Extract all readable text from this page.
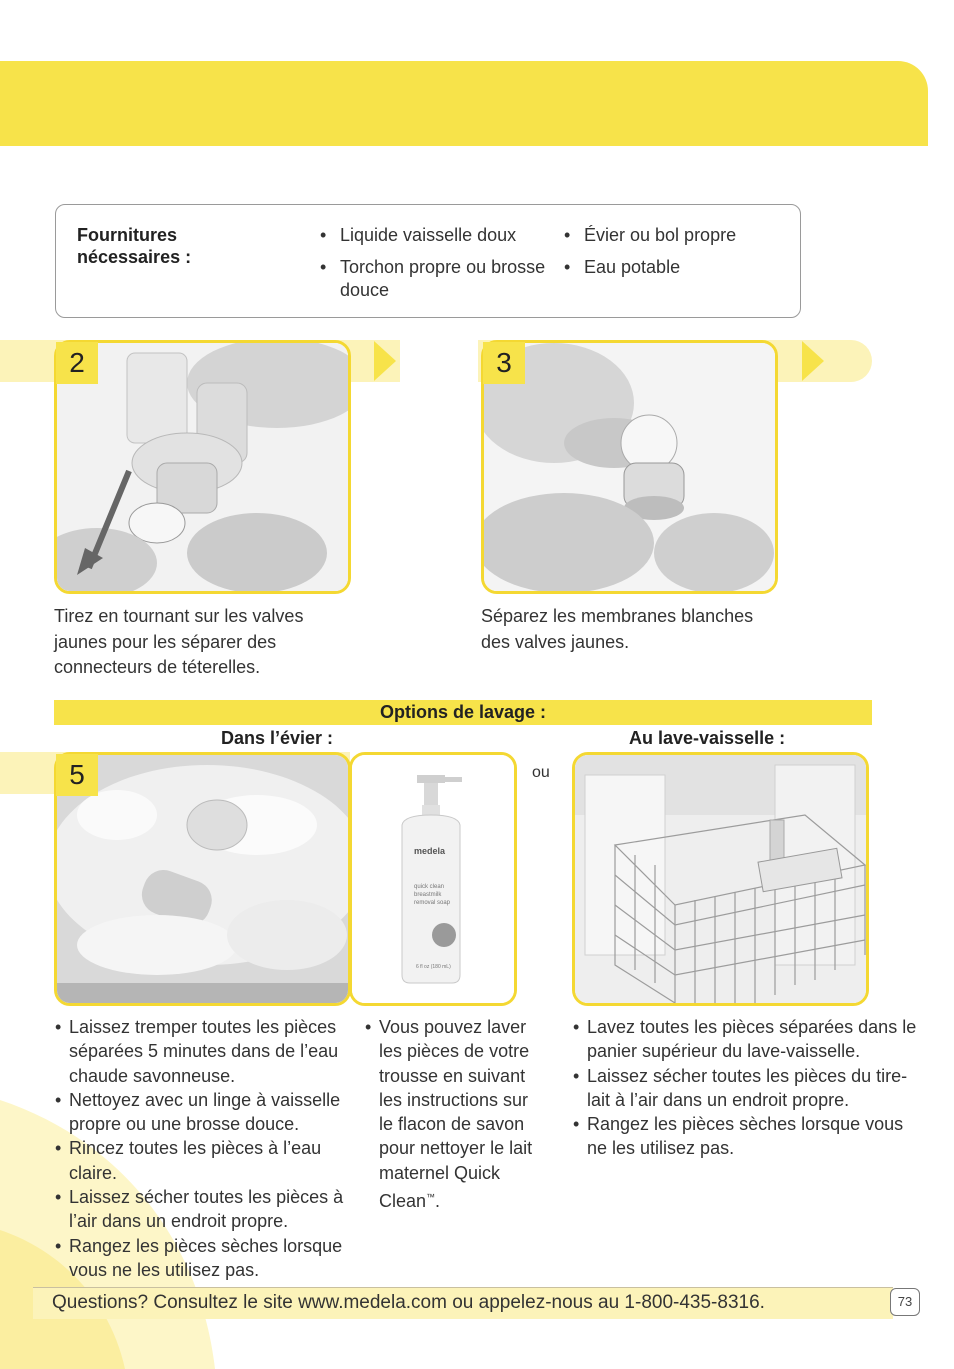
Fournitures nécessaires :
• Liquide vaisselle doux
• Torchon propre ou brosse douce
• Évier ou bol propre
• Eau potable
2
Tirez en tournant sur les valves jaunes pour les séparer des connecteurs de téterelles.
3
Séparez les membranes blanches des valves jaunes.
Options de lavage :
Dans l’évier :	Au lave-vaisselle :
5
medela
quick clean
breastmilk
removal soap
6 fl oz (180 mL)
ou
• Laissez tremper toutes les pièces séparées 5 minutes dans de l’eau chaude savonneuse.
• Nettoyez avec un linge à vaisselle propre ou une brosse douce.
• Rincez toutes les pièces à l’eau claire.
• Laissez sécher toutes les pièces à l’air dans un endroit propre.
• Rangez les pièces sèches lorsque vous ne les utilisez pas.
• Vous pouvez laver les pièces de votre trousse en suivant les instructions sur le flacon de savon pour nettoyer le lait maternel Quick Clean™.
• Lavez toutes les pièces séparées dans le panier supérieur du lave-vaisselle.
• Laissez sécher toutes les pièces du tire-lait à l’air dans un endroit propre.
• Rangez les pièces sèches lorsque vous ne les utilisez pas.
Questions? Consultez le site www.medela.com ou appelez-nous au 1-800-435-8316.	73
